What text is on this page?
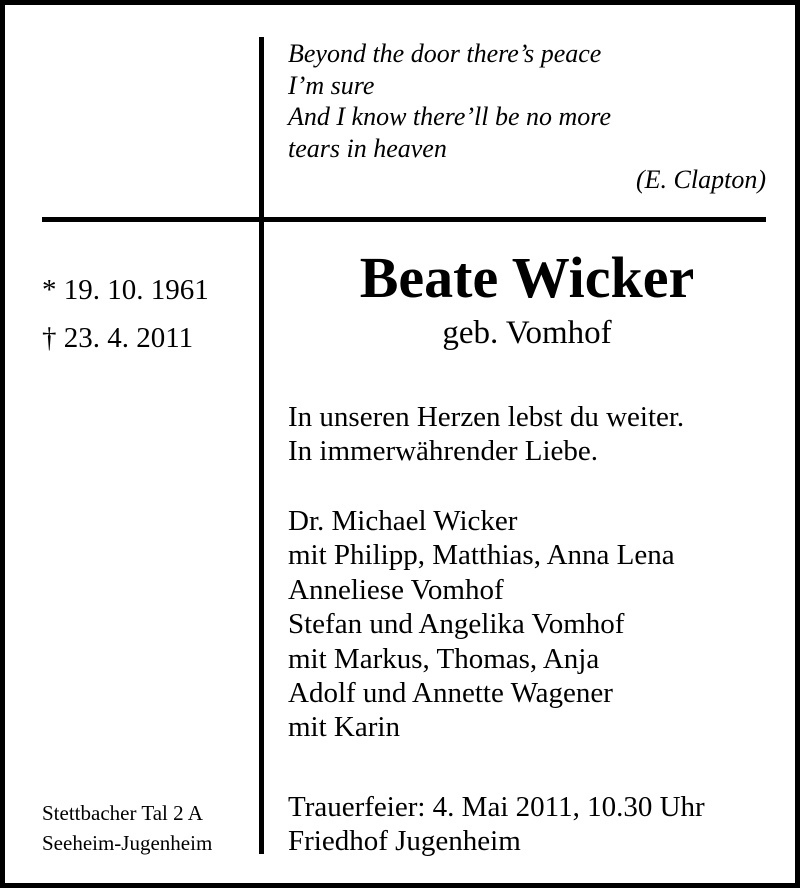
Beyond the door there’s peace
I’m sure
And I know there’ll be no more
tears in heaven
(E. Clapton)
* 19. 10. 1961
† 23. 4. 2011
Beate Wicker
geb. Vomhof
In unseren Herzen lebst du weiter.
In immerwährender Liebe.
Dr. Michael Wicker
mit Philipp, Matthias, Anna Lena
Anneliese Vomhof
Stefan und Angelika Vomhof
mit Markus, Thomas, Anja
Adolf und Annette Wagener
mit Karin
Stettbacher Tal 2 A
Seeheim-Jugenheim
Trauerfeier: 4. Mai 2011, 10.30 Uhr
Friedhof Jugenheim
